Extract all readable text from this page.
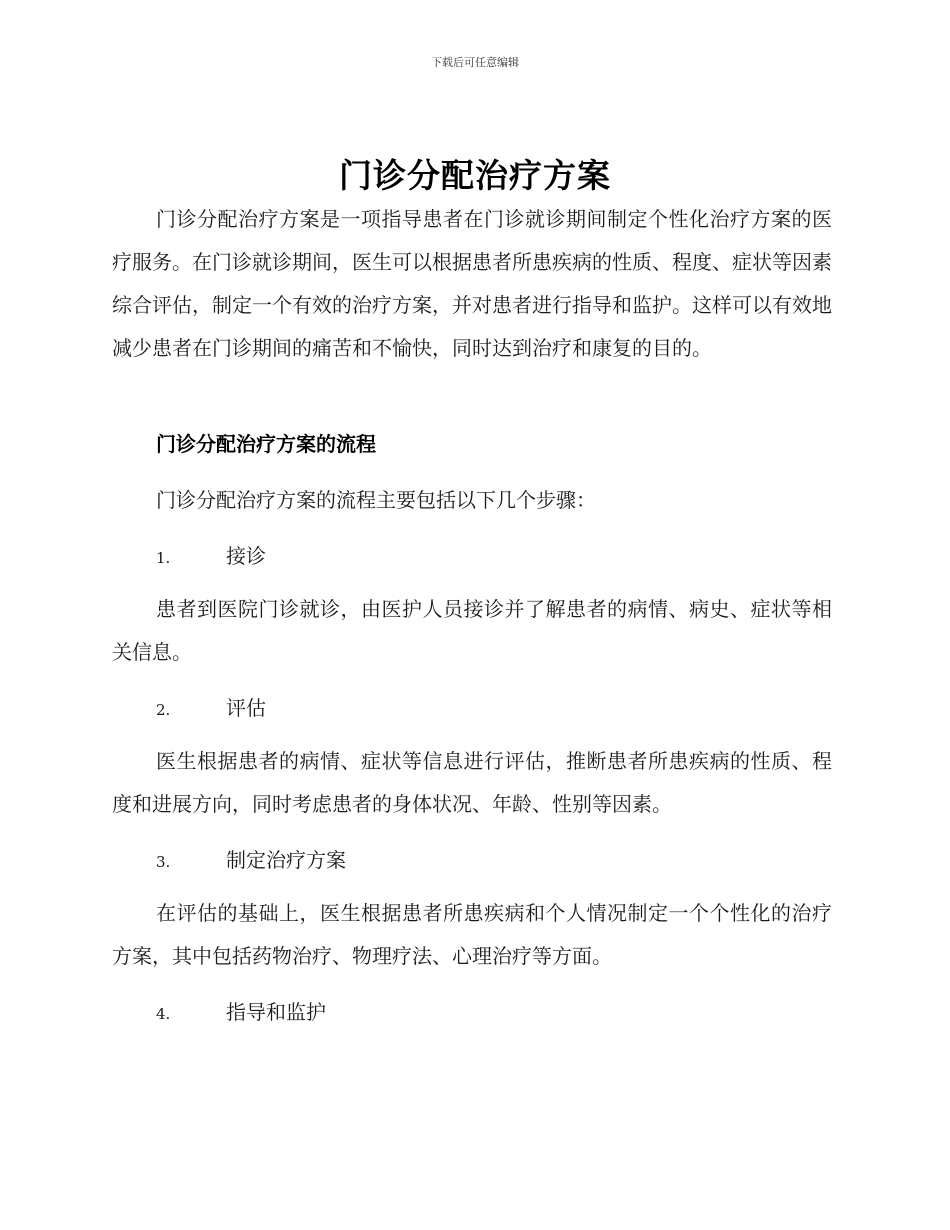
下载后可任意编辑
门诊分配治疗方案
门诊分配治疗方案是一项指导患者在门诊就诊期间制定个性化治疗方案的医疗服务。在门诊就诊期间，医生可以根据患者所患疾病的性质、程度、症状等因素综合评估，制定一个有效的治疗方案，并对患者进行指导和监护。这样可以有效地减少患者在门诊期间的痛苦和不愉快，同时达到治疗和康复的目的。
门诊分配治疗方案的流程
门诊分配治疗方案的流程主要包括以下几个步骤：
1.	接诊
患者到医院门诊就诊，由医护人员接诊并了解患者的病情、病史、症状等相关信息。
2.	评估
医生根据患者的病情、症状等信息进行评估，推断患者所患疾病的性质、程度和进展方向，同时考虑患者的身体状况、年龄、性别等因素。
3.	制定治疗方案
在评估的基础上，医生根据患者所患疾病和个人情况制定一个个性化的治疗方案，其中包括药物治疗、物理疗法、心理治疗等方面。
4.	指导和监护
